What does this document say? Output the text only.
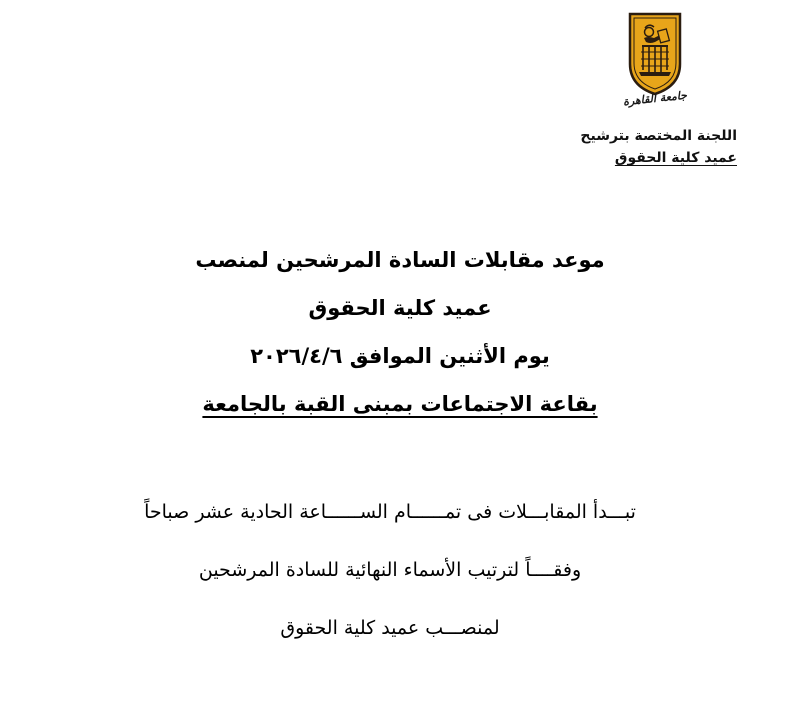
جامعة القاهرة
اللجنة المختصة بترشيح
عميد كلية الحقوق
موعد مقابلات السادة المرشحين لمنصب
عميد كلية الحقوق
يوم الأثنين الموافق ٢٠٢٦/٤/٦
بقاعة الاجتماعات بمبنى القبة بالجامعة
تبـــدأ المقابـــلات فى تمــــــام الســــــاعة الحادية عشر صباحاً
وفقــــاً لترتيب الأسماء النهائية للسادة المرشحين
لمنصـــب عميد كلية الحقوق
